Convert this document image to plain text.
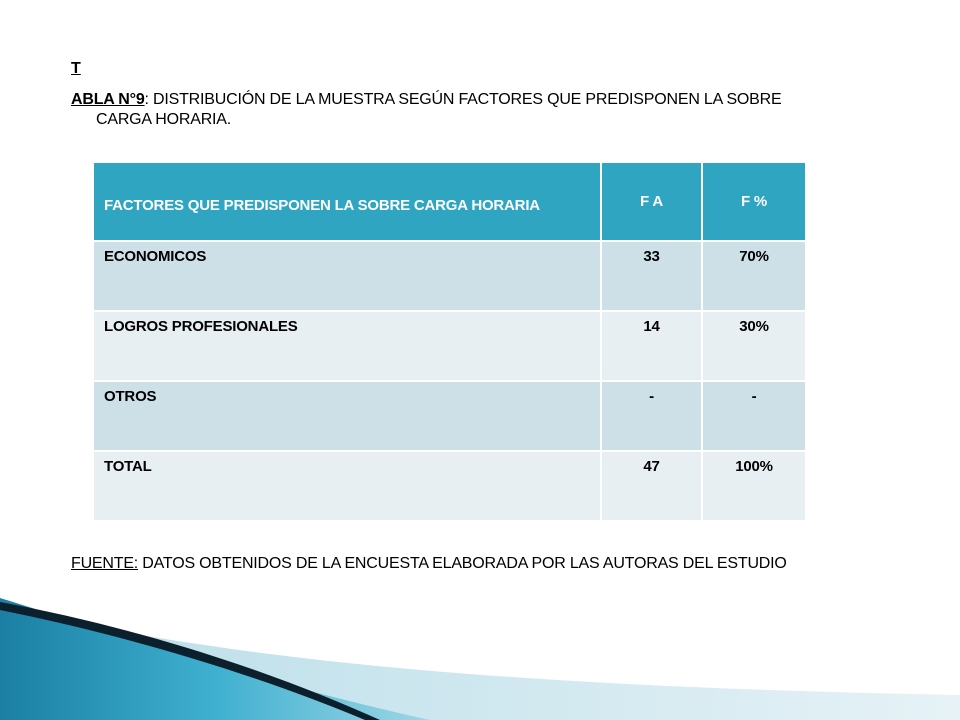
T
ABLA N°9: DISTRIBUCIÓN DE LA MUESTRA SEGÚN FACTORES QUE PREDISPONEN LA SOBRE
CARGA HORARIA.
FACTORES QUE PREDISPONEN LA SOBRE CARGA HORARIA	F A	F %
ECONOMICOS	33	70%
LOGROS PROFESIONALES	14	30%
OTROS	-	-
TOTAL	47	100%
FUENTE: DATOS OBTENIDOS DE LA ENCUESTA ELABORADA POR LAS AUTORAS DEL ESTUDIO
